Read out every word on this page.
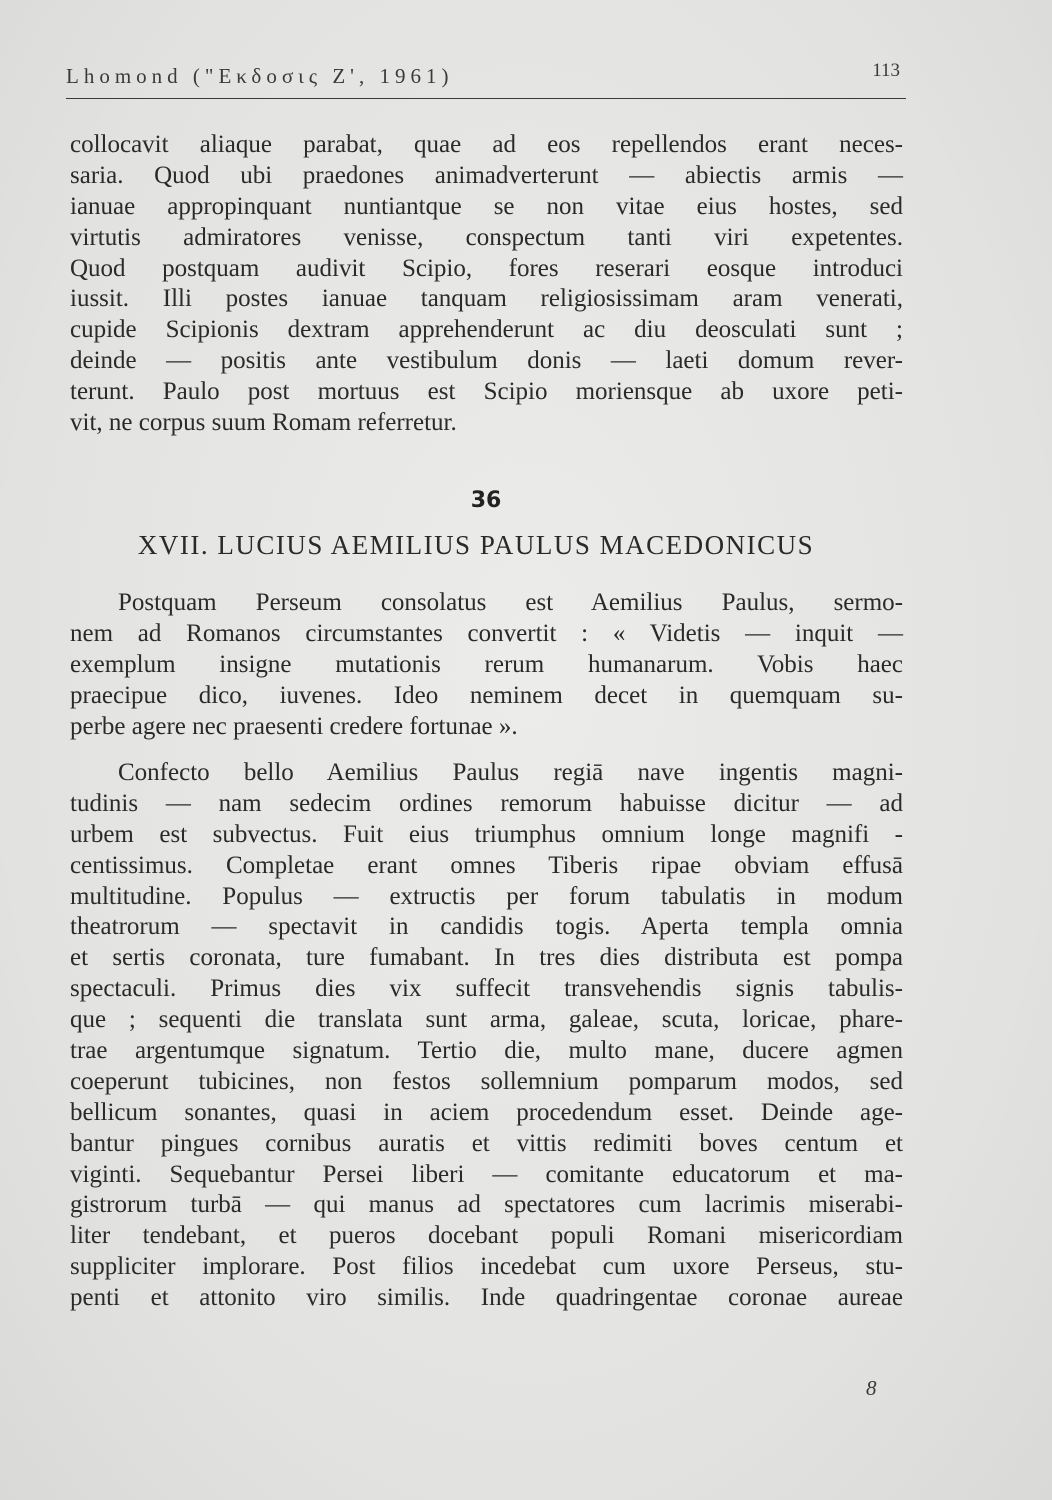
Lhomond ("Εκδοσις Ζ', 1961)	113
collocavit aliaque parabat, quae ad eos repellendos erant neces-
saria. Quod ubi praedones animadverterunt — abiectis armis —
ianuae appropinquant nuntiantque se non vitae eius hostes, sed
virtutis admiratores venisse, conspectum tanti viri expetentes.
Quod postquam audivit Scipio, fores reserari eosque introduci
iussit. Illi postes ianuae tanquam religiosissimam aram venerati,
cupide Scipionis dextram apprehenderunt ac diu deosculati sunt ;
deinde — positis ante vestibulum donis — laeti domum rever-
terunt. Paulo post mortuus est Scipio moriensque ab uxore peti-
vit, ne corpus suum Romam referretur.
36
XVII. LUCIUS AEMILIUS PAULUS MACEDONICUS
Postquam Perseum consolatus est Aemilius Paulus, sermo-
nem ad Romanos circumstantes convertit : « Videtis — inquit —
exemplum insigne mutationis rerum humanarum. Vobis haec
praecipue dico, iuvenes. Ideo neminem decet in quemquam su-
perbe agere nec praesenti credere fortunae ».
Confecto bello Aemilius Paulus regiā nave ingentis magni-
tudinis — nam sedecim ordines remorum habuisse dicitur — ad
urbem est subvectus. Fuit eius triumphus omnium longe magnifi -
centissimus. Completae erant omnes Tiberis ripae obviam effusā
multitudine. Populus — extructis per forum tabulatis in modum
theatrorum — spectavit in candidis togis. Aperta templa omnia
et sertis coronata, ture fumabant. In tres dies distributa est pompa
spectaculi. Primus dies vix suffecit transvehendis signis tabulis-
que ; sequenti die translata sunt arma, galeae, scuta, loricae, phare-
trae argentumque signatum. Tertio die, multo mane, ducere agmen
coeperunt tubicines, non festos sollemnium pomparum modos, sed
bellicum sonantes, quasi in aciem procedendum esset. Deinde age-
bantur pingues cornibus auratis et vittis redimiti boves centum et
viginti. Sequebantur Persei liberi — comitante educatorum et ma-
gistrorum turbā — qui manus ad spectatores cum lacrimis miserabi-
liter tendebant, et pueros docebant populi Romani misericordiam
suppliciter implorare. Post filios incedebat cum uxore Perseus, stu-
penti et attonito viro similis. Inde quadringentae coronae aureae
8
